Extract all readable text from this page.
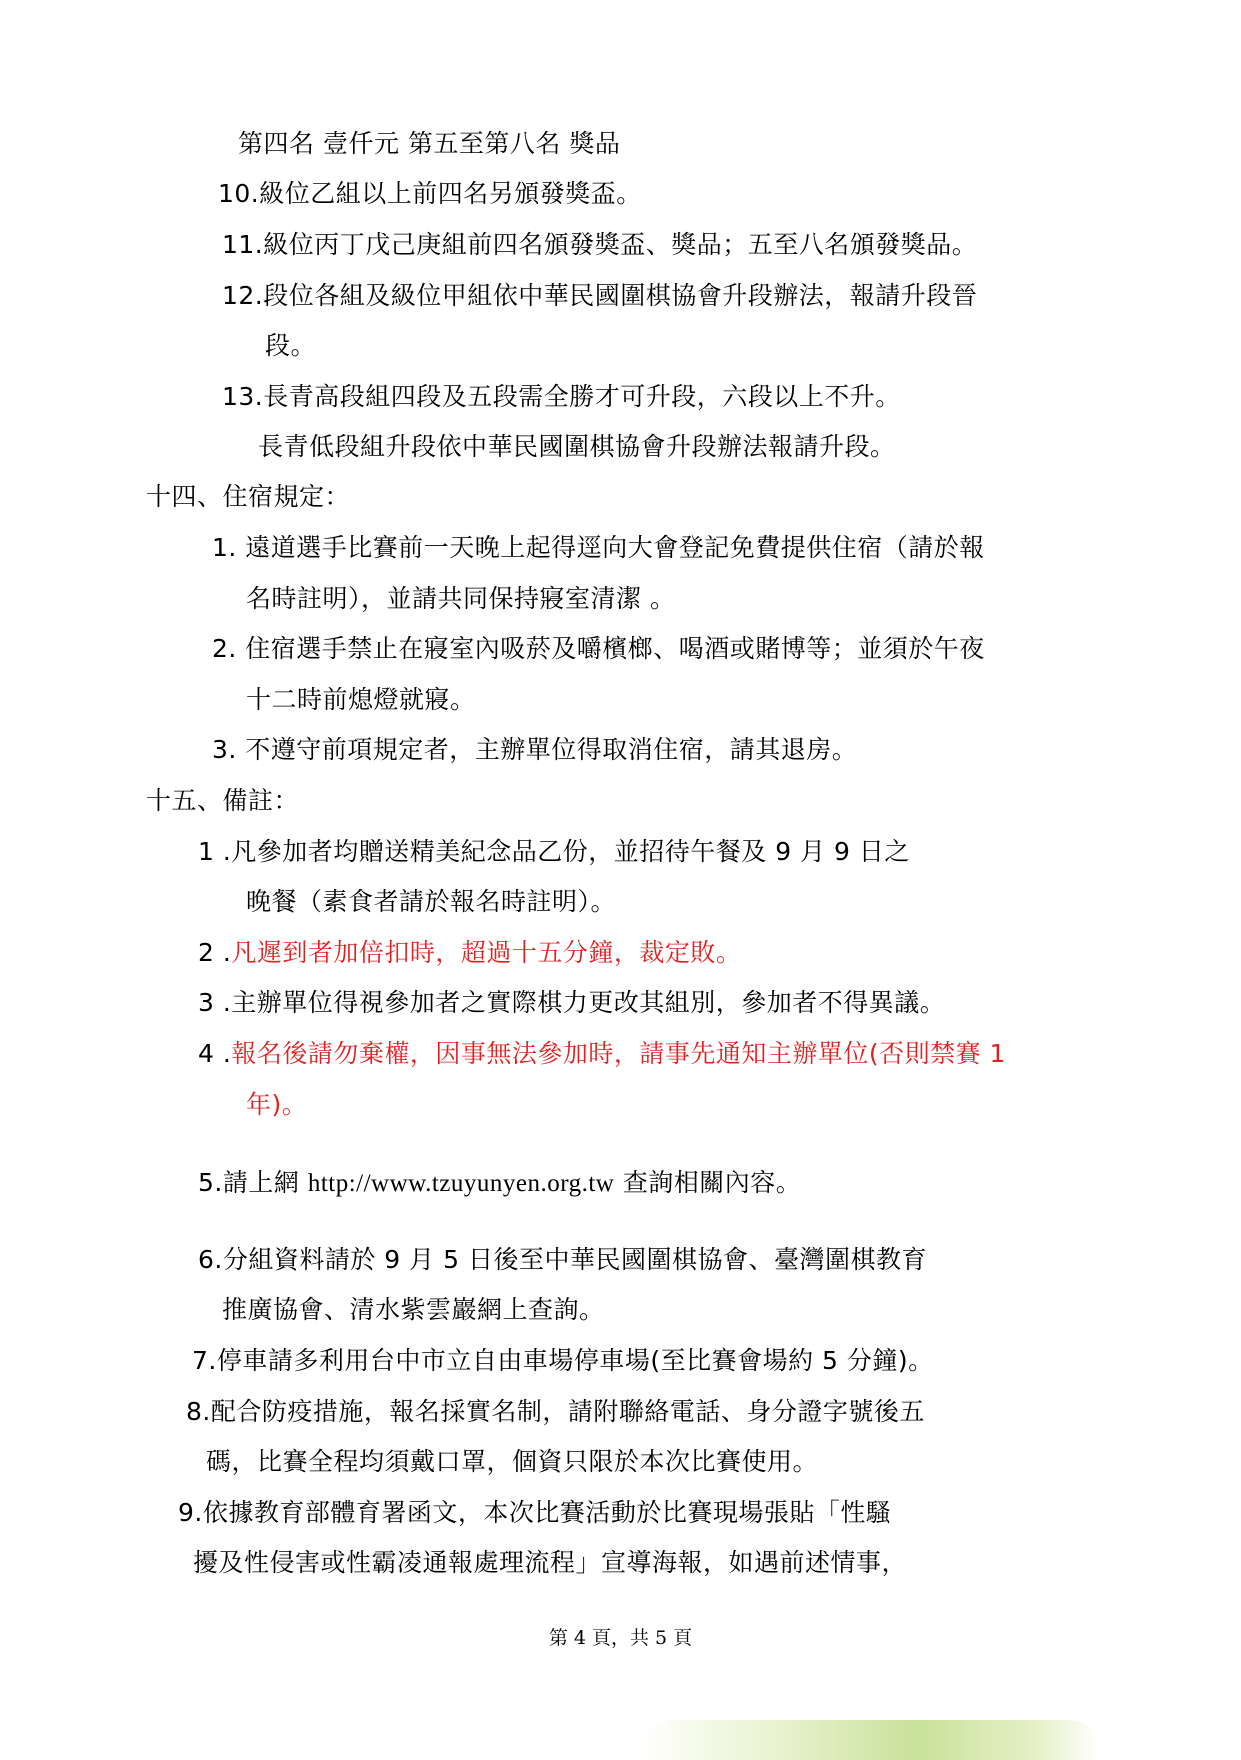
第四名 壹仟元 第五至第八名 獎品
10.級位乙組以上前四名另頒發獎盃。
11.級位丙丁戊己庚組前四名頒發獎盃、獎品；五至八名頒發獎品。
12.段位各組及級位甲組依中華民國圍棋協會升段辦法，報請升段晉
段。
13.長青高段組四段及五段需全勝才可升段，六段以上不升。
長青低段組升段依中華民國圍棋協會升段辦法報請升段。
十四、住宿規定：
1. 遠道選手比賽前一天晚上起得逕向大會登記免費提供住宿（請於報
名時註明），並請共同保持寢室清潔 。
2. 住宿選手禁止在寢室內吸菸及嚼檳榔、喝酒或賭博等；並須於午夜
十二時前熄燈就寢。
3. 不遵守前項規定者，主辦單位得取消住宿，請其退房。
十五、備註：
1 .凡參加者均贈送精美紀念品乙份，並招待午餐及 9 月 9 日之
晚餐（素食者請於報名時註明）。
2 .凡遲到者加倍扣時，超過十五分鐘，裁定敗。
3 .主辦單位得視參加者之實際棋力更改其組別，參加者不得異議。
4 .報名後請勿棄權，因事無法參加時，請事先通知主辦單位(否則禁賽 1
年)。
5.請上網 http://www.tzuyunyen.org.tw 查詢相關內容。
6.分組資料請於 9 月 5 日後至中華民國圍棋協會、臺灣圍棋教育
推廣協會、清水紫雲巖網上查詢。
7.停車請多利用台中市立自由車場停車場(至比賽會場約 5 分鐘)。
8.配合防疫措施，報名採實名制，請附聯絡電話、身分證字號後五
碼，比賽全程均須戴口罩，個資只限於本次比賽使用。
9.依據教育部體育署函文，本次比賽活動於比賽現場張貼「性騷
擾及性侵害或性霸凌通報處理流程」宣導海報，如遇前述情事，
第 4 頁，共 5 頁
